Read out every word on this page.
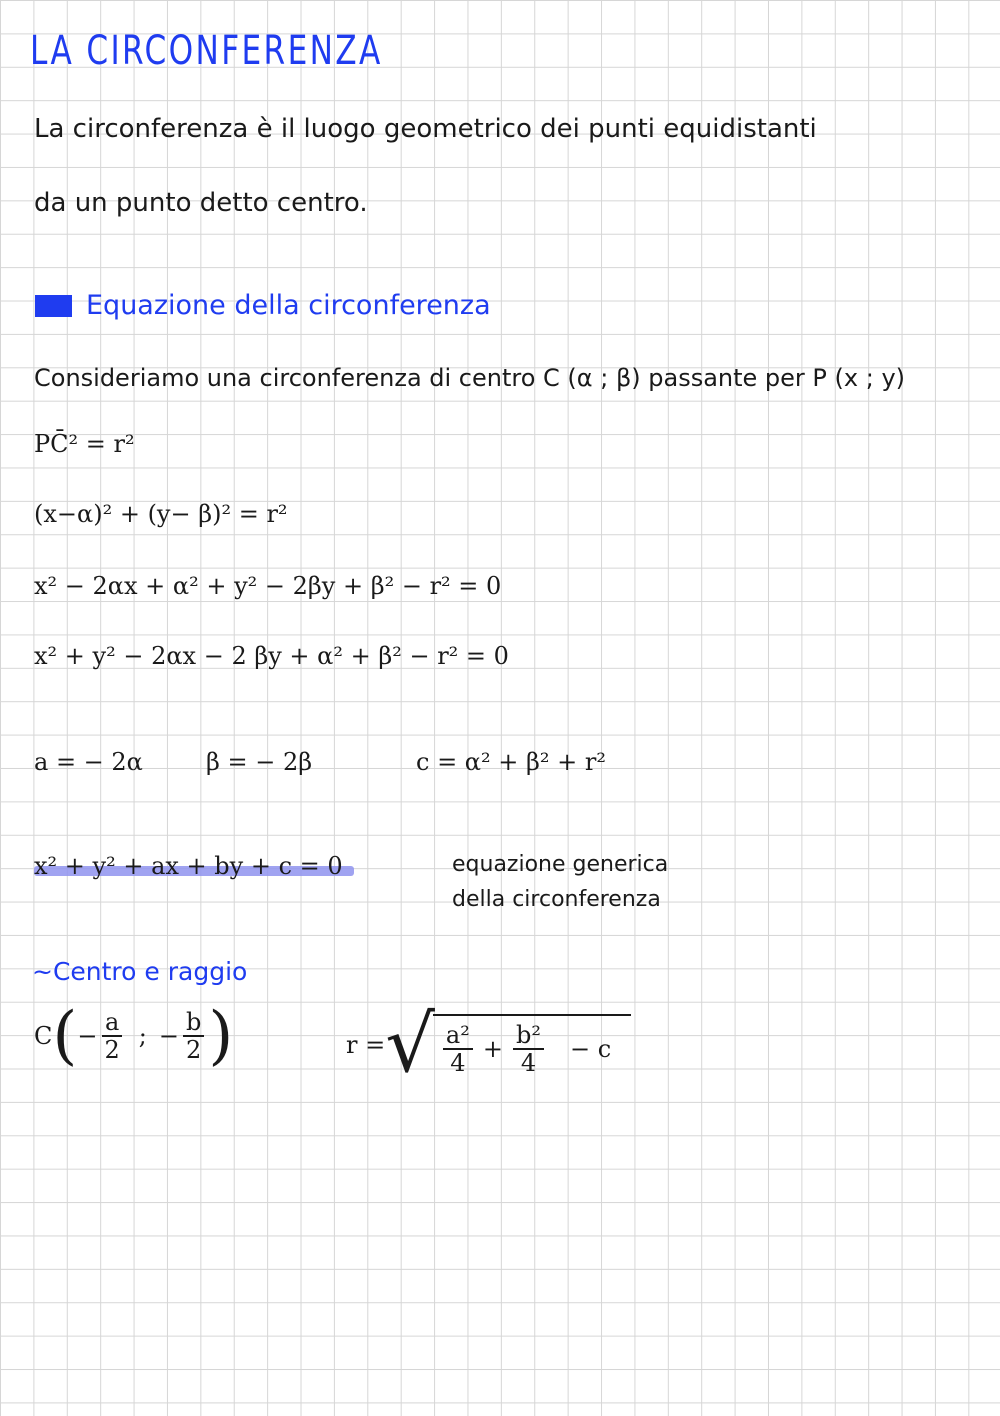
LA CIRCONFERENZA
La circonferenza è il luogo geometrico dei punti equidistanti
da un punto detto centro.
Equazione della circonferenza
Consideriamo una circonferenza di centro C (α ; β) passante per P (x ; y)
PC̄² = r²
(x−α)² + (y− β)² = r²
x² − 2αx + α² + y² − 2βy + β² − r² = 0
x² + y² − 2αx − 2 βy + α² + β² − r² = 0
a = − 2α	β = − 2β	c = α² + β² + r²
x² + y² + ax + by + c = 0	equazione generica
della circonferenza
~Centro e raggio
C ( − $\frac{a}{2}$ ; − $\frac{b}{2}$ )	r = √ $\frac{\text{a²}}{4} + \frac{\text{b²}}{4} - c$
